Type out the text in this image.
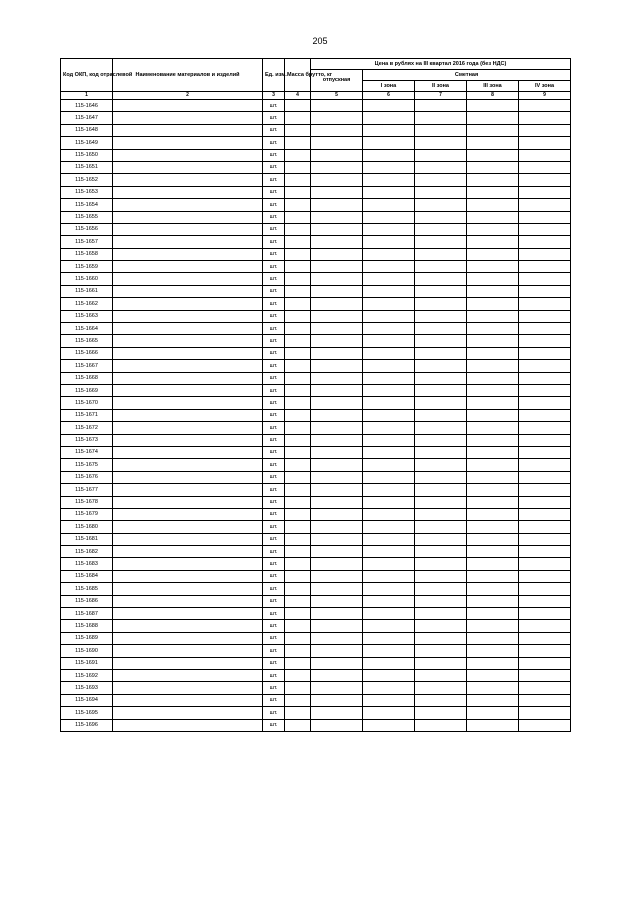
205
Код ОКП, код отраслевой	Наименование материалов и изделий	Ед. изм.	Масса брутто, кг	Цена в рублях на III квартал 2016 года (без НДС)				
				отпускная	Сметная			
					I зона	II зона	III зона	IV зона
1	2	3	4	5	6	7	8	9
115-1646		шт.						
115-1647		шт.						
115-1648		шт.						
115-1649		шт.						
115-1650		шт.						
115-1651		шт.						
115-1652		шт.						
115-1653		шт.						
115-1654		шт.						
115-1655		шт.						
115-1656		шт.						
115-1657		шт.						
115-1658		шт.						
115-1659		шт.						
115-1660		шт.						
115-1661		шт.						
115-1662		шт.						
115-1663		шт.						
115-1664		шт.						
115-1665		шт.						
115-1666		шт.						
115-1667		шт.						
115-1668		шт.						
115-1669		шт.						
115-1670		шт.						
115-1671		шт.						
115-1672		шт.						
115-1673		шт.						
115-1674		шт.						
115-1675		шт.						
115-1676		шт.						
115-1677		шт.						
115-1678		шт.						
115-1679		шт.						
115-1680		шт.						
115-1681		шт.						
115-1682		шт.						
115-1683		шт.						
115-1684		шт.						
115-1685		шт.						
115-1686		шт.						
115-1687		шт.						
115-1688		шт.						
115-1689		шт.						
115-1690		шт.						
115-1691		шт.						
115-1692		шт.						
115-1693		шт.						
115-1694		шт.						
115-1695		шт.						
115-1696		шт.						
